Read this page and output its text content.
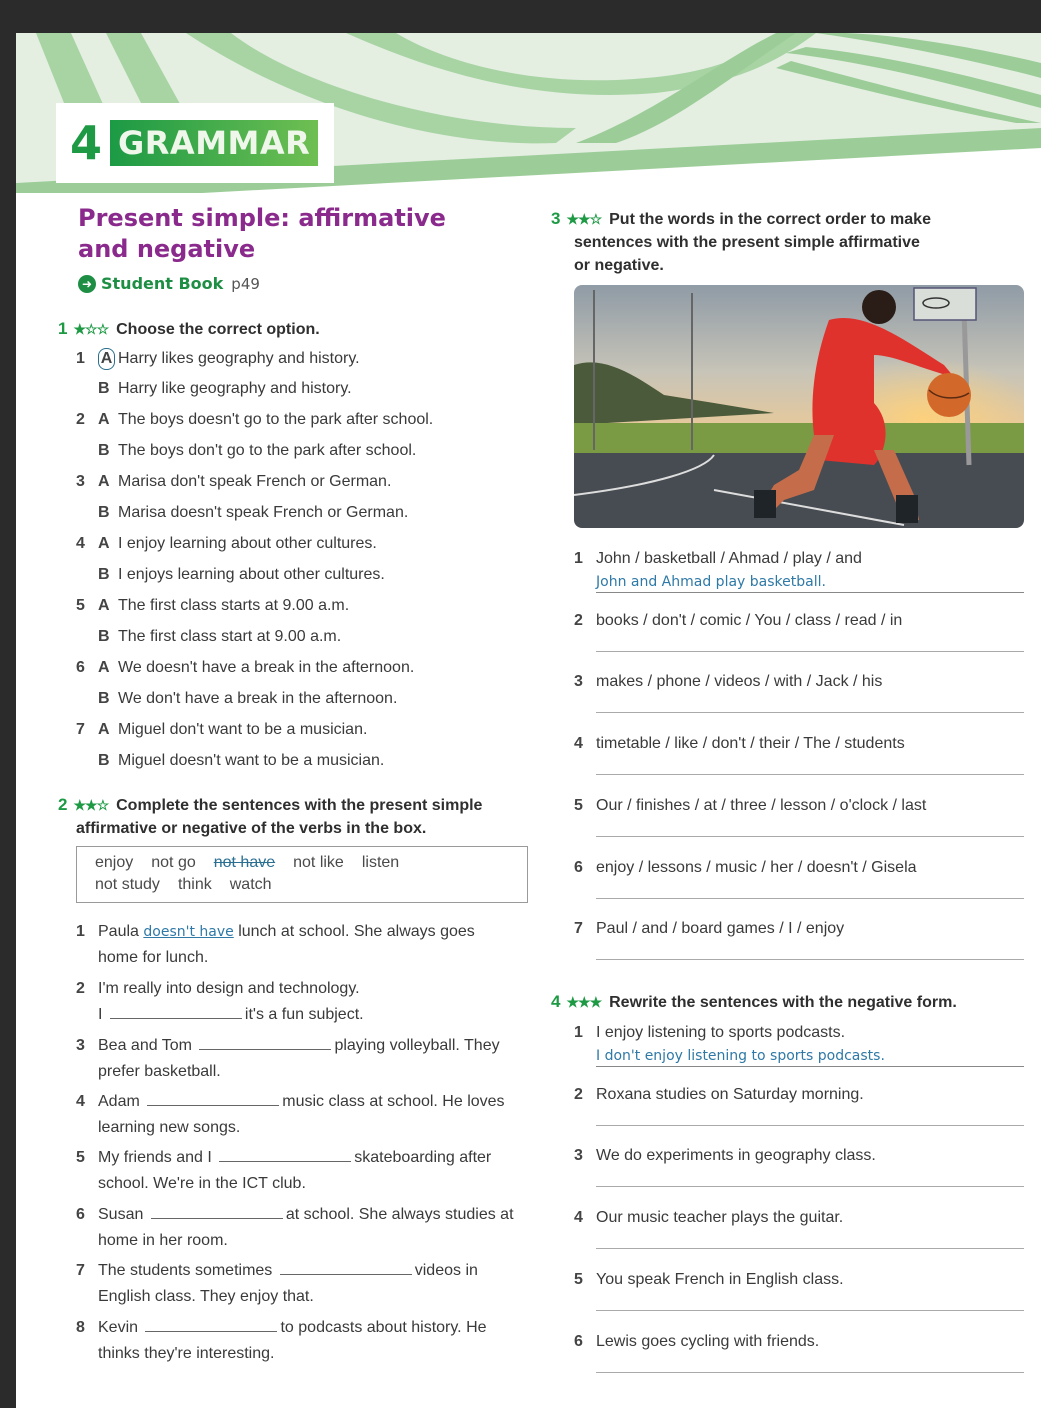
4 GRAMMAR
Present simple: affirmative
and negative
➜ Student Book p49
1 ★☆☆ Choose the correct option.
1 A Harry likes geography and history.
B Harry like geography and history.
2 A The boys doesn't go to the park after school.
B The boys don't go to the park after school.
3 A Marisa don't speak French or German.
B Marisa doesn't speak French or German.
4 A I enjoy learning about other cultures.
B I enjoys learning about other cultures.
5 A The first class starts at 9.00 a.m.
B The first class start at 9.00 a.m.
6 A We doesn't have a break in the afternoon.
B We don't have a break in the afternoon.
7 A Miguel don't want to be a musician.
B Miguel doesn't want to be a musician.
2 ★★☆ Complete the sentences with the present simple
affirmative or negative of the verbs in the box.
enjoy not go not have not like listen
not study think watch
1 Paula doesn't have lunch at school. She always goes
home for lunch.
2 I'm really into design and technology.
I	it's a fun subject.
3 Bea and Tom	playing volleyball. They
prefer basketball.
4 Adam	music class at school. He loves
learning new songs.
5 My friends and I	skateboarding after
school. We're in the ICT club.
6 Susan	at school. She always studies at
home in her room.
7 The students sometimes	videos in
English class. They enjoy that.
8 Kevin	to podcasts about history. He
thinks they're interesting.
3 ★★☆ Put the words in the correct order to make
sentences with the present simple affirmative
or negative.
1 John / basketball / Ahmad / play / and
John and Ahmad play basketball.
2 books / don't / comic / You / class / read / in
3 makes / phone / videos / with / Jack / his
4 timetable / like / don't / their / The / students
5 Our / finishes / at / three / lesson / o'clock / last
6 enjoy / lessons / music / her / doesn't / Gisela
7 Paul / and / board games / I / enjoy
4 ★★★ Rewrite the sentences with the negative form.
1 I enjoy listening to sports podcasts.
I don't enjoy listening to sports podcasts.
2 Roxana studies on Saturday morning.
3 We do experiments in geography class.
4 Our music teacher plays the guitar.
5 You speak French in English class.
6 Lewis goes cycling with friends.
